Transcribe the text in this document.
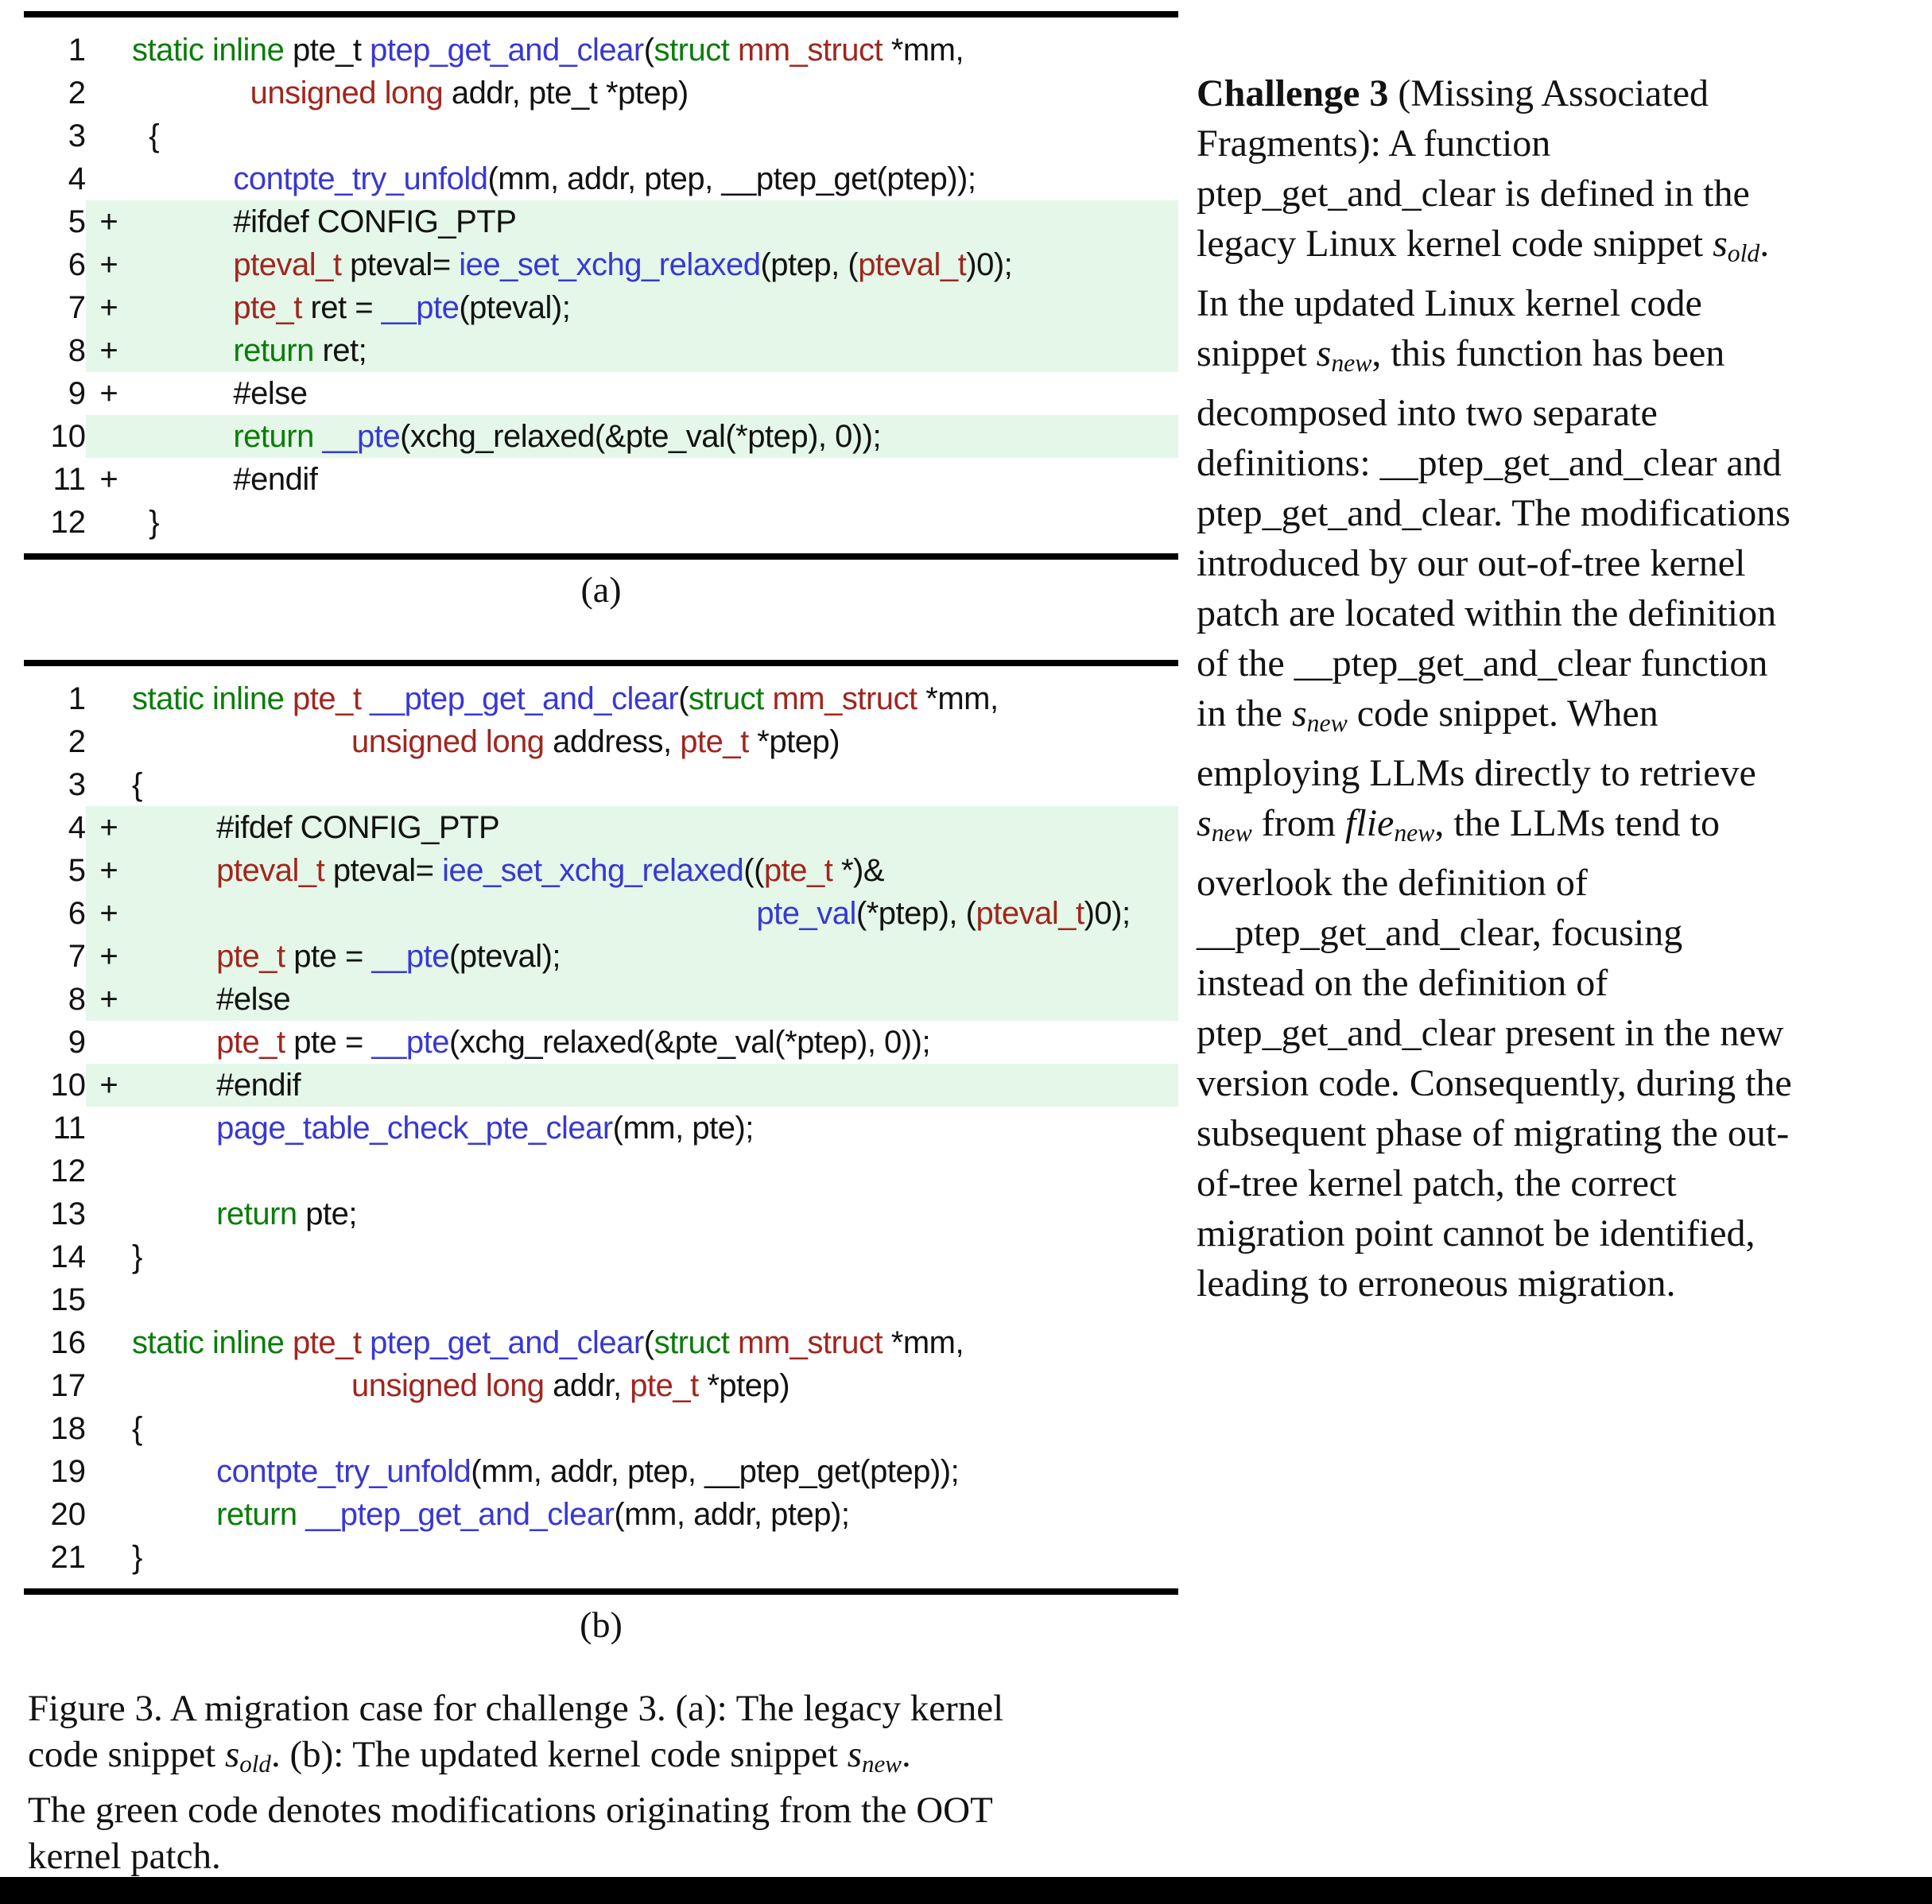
1 static inline pte_t ptep_get_and_clear(struct mm_struct *mm,
2	unsigned long addr, pte_t *ptep)
3 {
4	contpte_try_unfold(mm, addr, ptep, __ptep_get(ptep));
5 + #ifdef CONFIG_PTP
6 +	pteval_t pteval= iee_set_xchg_relaxed(ptep, (pteval_t)0);
7 +	pte_t ret = __pte(pteval);
8 +	return ret;
9 + #else
10	return __pte(xchg_relaxed(&pte_val(*ptep), 0));
11 + #endif
12 }
(a)
1 static inline pte_t __ptep_get_and_clear(struct mm_struct *mm,
2	unsigned long address, pte_t *ptep)
3 {
4 + #ifdef CONFIG_PTP
5 +	pteval_t pteval= iee_set_xchg_relaxed((pte_t *)&
6 +	pte_val(*ptep), (pteval_t)0);
7 +	pte_t pte = __pte(pteval);
8 + #else
9	pte_t pte = __pte(xchg_relaxed(&pte_val(*ptep), 0));
10 + #endif
11	page_table_check_pte_clear(mm, pte);
12
13	return pte;
14 }
15
16 static inline pte_t ptep_get_and_clear(struct mm_struct *mm,
17	unsigned long addr, pte_t *ptep)
18 {
19	contpte_try_unfold(mm, addr, ptep, __ptep_get(ptep));
20	return __ptep_get_and_clear(mm, addr, ptep);
21 }
(b)
Figure 3. A migration case for challenge 3. (a): The legacy kernel
code snippet $s_{old}$. (b): The updated kernel code snippet $s_{new}$.
The green code denotes modifications originating from the OOT
kernel patch.
Challenge 3 (Missing Associated
Fragments): A function
ptep_get_and_clear is defined in the
legacy Linux kernel code snippet $s_{old}$.
In the updated Linux kernel code
snippet $s_{new}$, this function has been
decomposed into two separate
definitions: __ptep_get_and_clear and
ptep_get_and_clear. The modifications
introduced by our out-of-tree kernel
patch are located within the definition
of the __ptep_get_and_clear function
in the $s_{new}$ code snippet. When
employing LLMs directly to retrieve
$s_{new}$ from flie$_{new}$, the LLMs tend to
overlook the definition of
__ptep_get_and_clear, focusing
instead on the definition of
ptep_get_and_clear present in the new
version code. Consequently, during the
subsequent phase of migrating the out-
of-tree kernel patch, the correct
migration point cannot be identified,
leading to erroneous migration.
